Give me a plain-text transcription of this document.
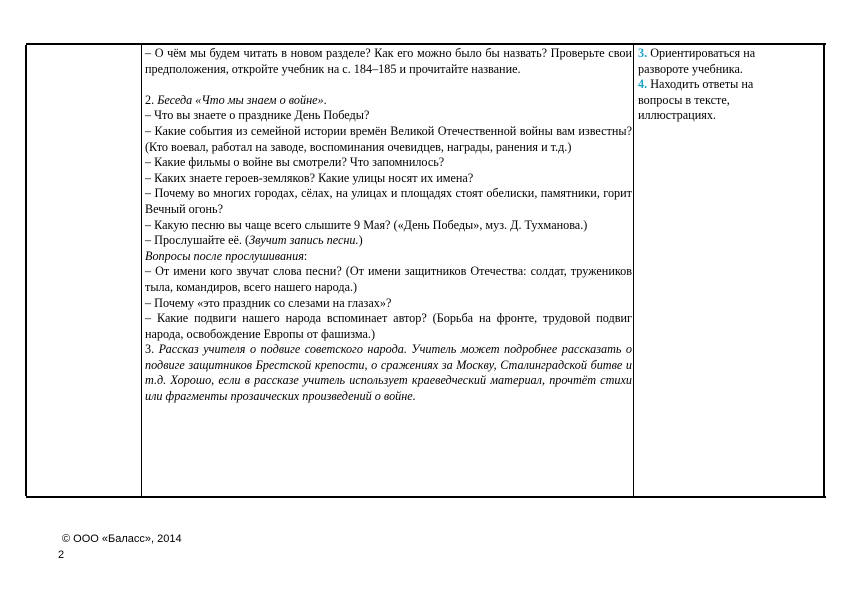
– О чём мы будем читать в новом разделе? Как его можно было бы назвать? Проверьте свои предположения, откройте учебник на с. 184–185 и прочитайте название.

2. Беседа «Что мы знаем о войне».

– Что вы знаете о празднике День Победы?

– Какие события из семейной истории времён Великой Отечественной войны вам известны? (Кто воевал, работал на заводе, воспоминания очевидцев, награды, ранения и т.д.)

– Какие фильмы о войне вы смотрели? Что запомнилось?

– Каких знаете героев-земляков? Какие улицы носят их имена?

– Почему во многих городах, сёлах, на улицах и площадях стоят обелиски, памятники, горит Вечный огонь?

– Какую песню вы чаще всего слышите 9 Мая? («День Победы», муз. Д. Тухманова.)

– Прослушайте её. (Звучит запись песни.)

Вопросы после прослушивания:

– От имени кого звучат слова песни? (От имени защитников Отечества: солдат, тружеников тыла, командиров, всего нашего народа.)

– Почему «это праздник со слезами на глазах»?

– Какие подвиги нашего народа вспоминает автор? (Борьба на фронте, трудовой подвиг народа, освобождение Европы от фашизма.)

3. Рассказ учителя о подвиге советского народа. Учитель может подробнее рассказать о подвиге защитников Брестской крепости, о сражениях за Москву, Сталинградской битве и т.д. Хорошо, если в рассказе учитель использует краеведческий материал, прочтёт стихи или фрагменты прозаических произведений о войне.

3. Ориентироваться на развороте учебника.

4. Находить ответы на вопросы в тексте, иллюстрациях.

© ООО «Баласс», 2014
2
